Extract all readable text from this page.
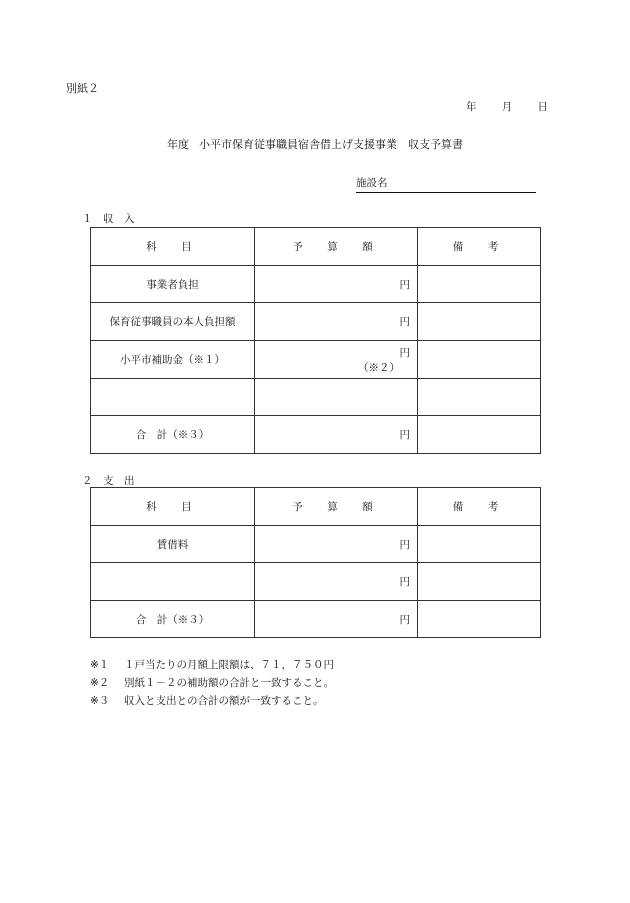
別紙２
年 月 日
年度 小平市保育従事職員宿舎借上げ支援事業　収支予算書
施設名
１　収　入
科　目	予　算　額	備　考
事業者負担	円	
保育従事職員の本人負担額	円	
小平市補助金（※１）	円
（※２）	

合　計（※３）	円	
２　支　出
科　目	予　算　額	備　考
賃借料	円	
	円	
合　計（※３）	円	
※１ １戸当たりの月額上限額は、７１，７５０円
※２ 別紙１－２の補助額の合計と一致すること。
※３ 収入と支出との合計の額が一致すること。
